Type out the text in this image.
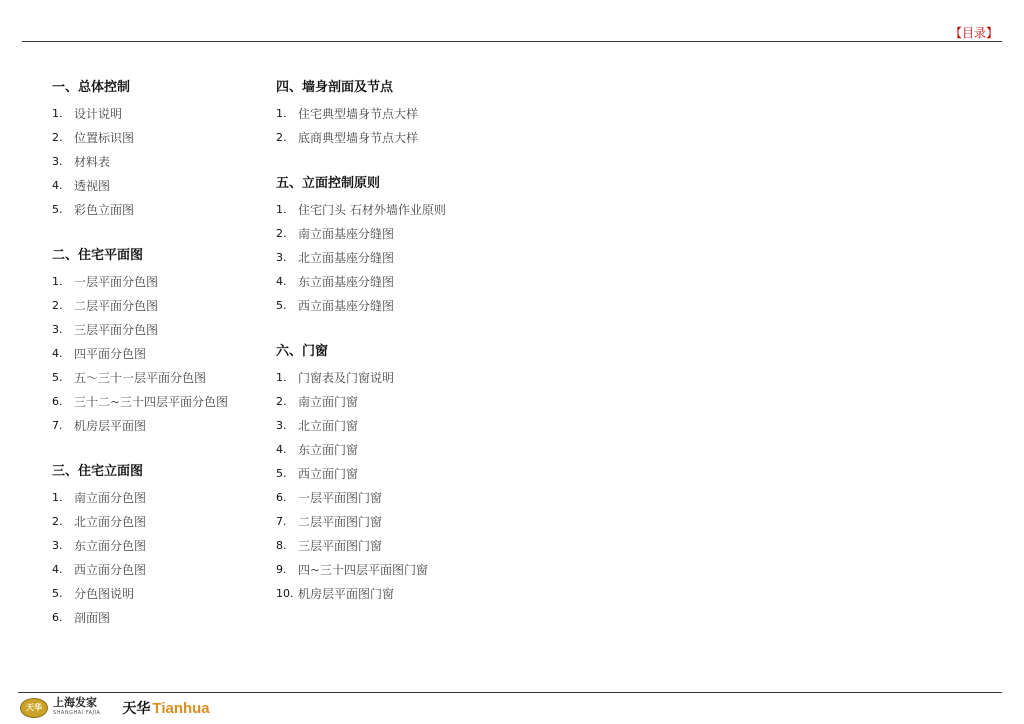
【目录】
一、总体控制
1. 设计说明
2. 位置标识图
3. 材料表
4. 透视图
5. 彩色立面图
二、住宅平面图
1. 一层平面分色图
2. 二层平面分色图
3. 三层平面分色图
4. 四平面分色图
5. 五～三十一层平面分色图
6. 三十二~三十四层平面分色图
7. 机房层平面图
三、住宅立面图
1. 南立面分色图
2. 北立面分色图
3. 东立面分色图
4. 西立面分色图
5. 分色图说明
6. 剖面图
四、墙身剖面及节点
1. 住宅典型墙身节点大样
2. 底商典型墙身节点大样
五、立面控制原则
1. 住宅门头 石材外墙作业原则
2. 南立面基座分缝图
3. 北立面基座分缝图
4. 东立面基座分缝图
5. 西立面基座分缝图
六、门窗
1. 门窗表及门窗说明
2. 南立面门窗
3. 北立面门窗
4. 东立面门窗
5. 西立面门窗
6. 一层平面图门窗
7. 二层平面图门窗
8. 三层平面图门窗
9. 四~三十四层平面图门窗
10. 机房层平面图门窗
天华	上海发家
SHANGHAI FAJIA 天华 Tianhua
